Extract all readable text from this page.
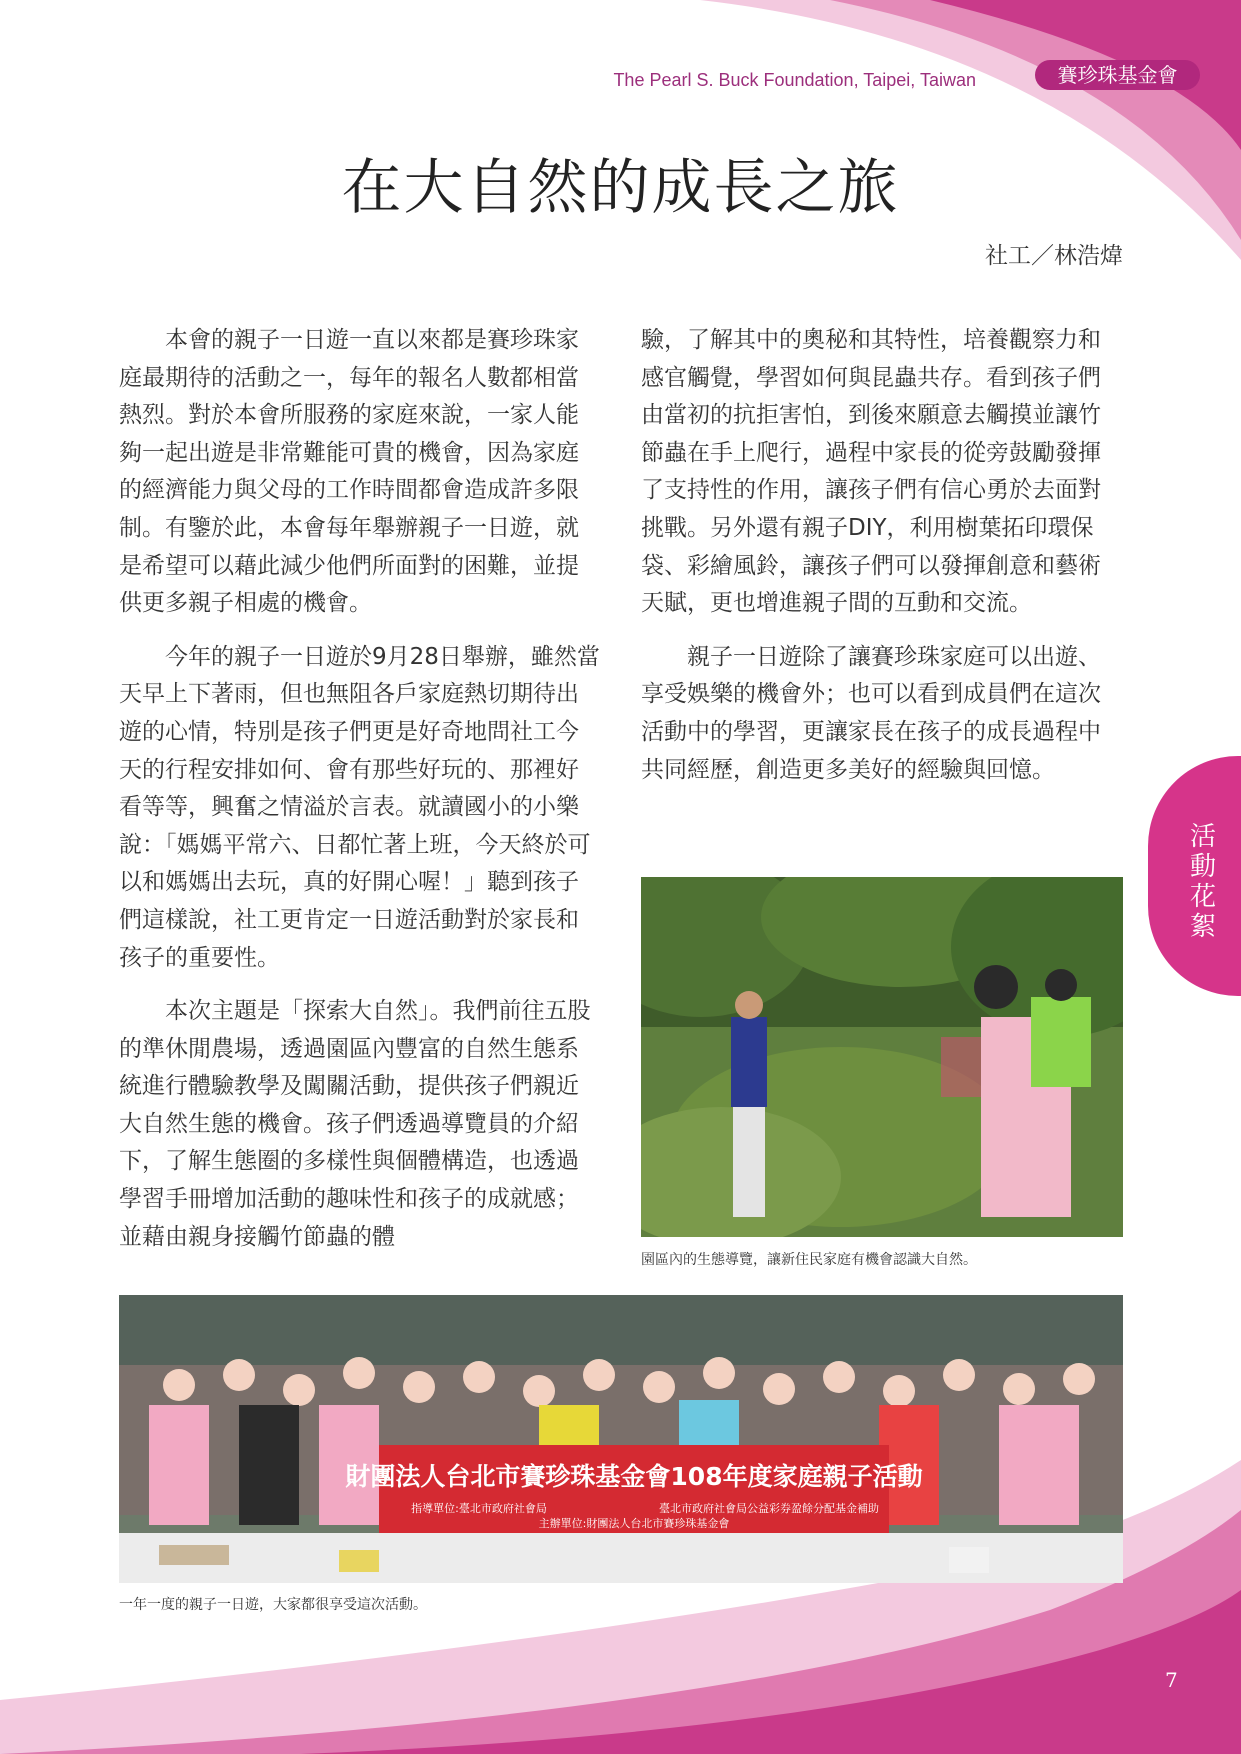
The Pearl S. Buck Foundation, Taipei, Taiwan	賽珍珠基金會
在大自然的成長之旅
社工／林浩煒

本會的親子一日遊一直以來都是賽珍珠家庭最期待的活動之一，每年的報名人數都相當熱烈。對於本會所服務的家庭來說，一家人能夠一起出遊是非常難能可貴的機會，因為家庭的經濟能力與父母的工作時間都會造成許多限制。有鑒於此，本會每年舉辦親子一日遊，就是希望可以藉此減少他們所面對的困難，並提供更多親子相處的機會。

今年的親子一日遊於9月28日舉辦，雖然當天早上下著雨，但也無阻各戶家庭熱切期待出遊的心情，特別是孩子們更是好奇地問社工今天的行程安排如何、會有那些好玩的、那裡好看等等，興奮之情溢於言表。就讀國小的小樂說：「媽媽平常六、日都忙著上班，今天終於可以和媽媽出去玩，真的好開心喔！」聽到孩子們這樣說，社工更肯定一日遊活動對於家長和孩子的重要性。

本次主題是「探索大自然」。我們前往五股的準休閒農場，透過園區內豐富的自然生態系統進行體驗教學及闖關活動，提供孩子們親近大自然生態的機會。孩子們透過導覽員的介紹下，了解生態圈的多樣性與個體構造，也透過學習手冊增加活動的趣味性和孩子的成就感；並藉由親身接觸竹節蟲的體

驗，了解其中的奧秘和其特性，培養觀察力和感官觸覺，學習如何與昆蟲共存。看到孩子們由當初的抗拒害怕，到後來願意去觸摸並讓竹節蟲在手上爬行，過程中家長的從旁鼓勵發揮了支持性的作用，讓孩子們有信心勇於去面對挑戰。另外還有親子DIY，利用樹葉拓印環保袋、彩繪風鈴，讓孩子們可以發揮創意和藝術天賦，更也增進親子間的互動和交流。

親子一日遊除了讓賽珍珠家庭可以出遊、享受娛樂的機會外；也可以看到成員們在這次活動中的學習，更讓家長在孩子的成長過程中共同經歷，創造更多美好的經驗與回憶。

園區內的生態導覽，讓新住民家庭有機會認識大自然。
財團法人台北市賽珍珠基金會108年度家庭親子活動
指導單位:臺北市政府社會局	臺北市政府社會局公益彩券盈餘分配基金補助
主辦單位:財團法人台北市賽珍珠基金會
一年一度的親子一日遊，大家都很享受這次活動。
活動花絮
7
